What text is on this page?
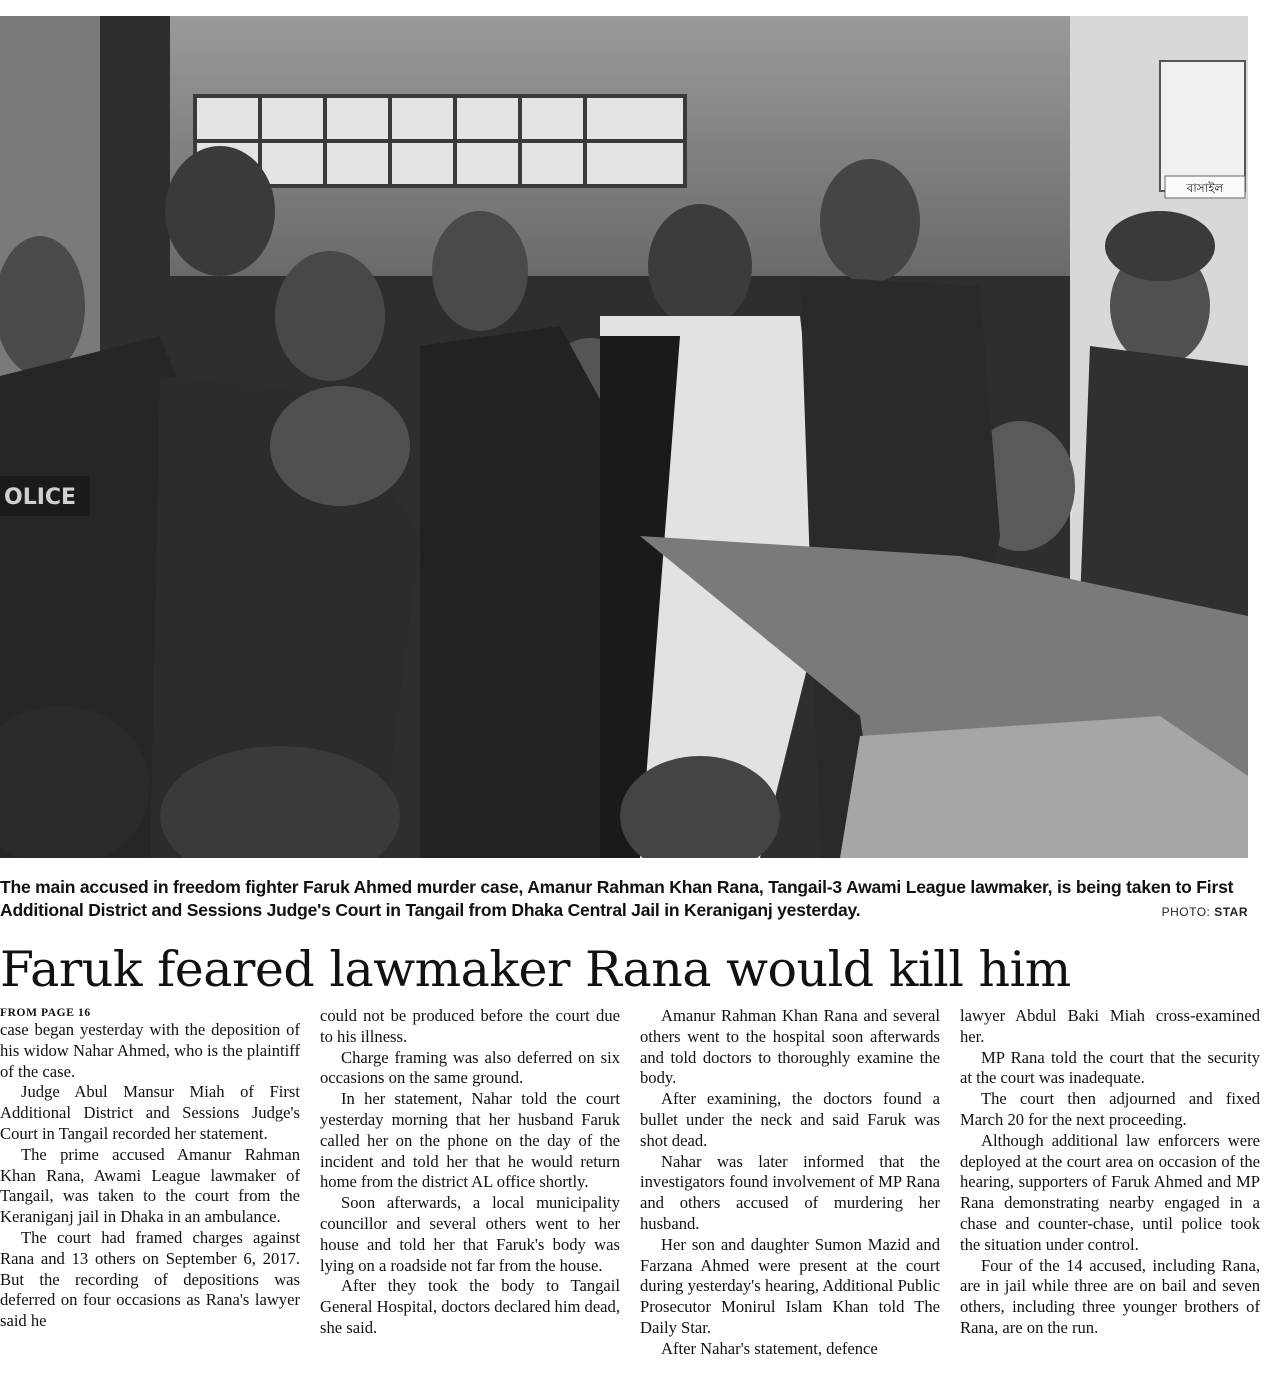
বাসাইল
OLICE
The main accused in freedom fighter Faruk Ahmed murder case, Amanur Rahman Khan Rana, Tangail-3 Awami League lawmaker, is being taken to First Additional District and Sessions Judge's Court in Tangail from Dhaka Central Jail in Keraniganj yesterday.	PHOTO: STAR
Faruk feared lawmaker Rana would kill him
FROM PAGE 16

case began yesterday with the deposition of his widow Nahar Ahmed, who is the plaintiff of the case.

Judge Abul Mansur Miah of First Additional District and Sessions Judge's Court in Tangail recorded her statement.

The prime accused Amanur Rahman Khan Rana, Awami League lawmaker of Tangail, was taken to the court from the Keraniganj jail in Dhaka in an ambulance.

The court had framed charges against Rana and 13 others on September 6, 2017. But the recording of depositions was deferred on four occasions as Rana's lawyer said he

could not be produced before the court due to his illness.

Charge framing was also deferred on six occasions on the same ground.

In her statement, Nahar told the court yesterday morning that her husband Faruk called her on the phone on the day of the incident and told her that he would return home from the district AL office shortly.

Soon afterwards, a local municipality councillor and several others went to her house and told her that Faruk's body was lying on a roadside not far from the house.

After they took the body to Tangail General Hospital, doctors declared him dead, she said.

Amanur Rahman Khan Rana and several others went to the hospital soon afterwards and told doctors to thoroughly examine the body.

After examining, the doctors found a bullet under the neck and said Faruk was shot dead.

Nahar was later informed that the investigators found involvement of MP Rana and others accused of murdering her husband.

Her son and daughter Sumon Mazid and Farzana Ahmed were present at the court during yesterday's hearing, Additional Public Prosecutor Monirul Islam Khan told The Daily Star.

After Nahar's statement, defence

lawyer Abdul Baki Miah cross-examined her.

MP Rana told the court that the security at the court was inadequate.

The court then adjourned and fixed March 20 for the next proceeding.

Although additional law enforcers were deployed at the court area on occasion of the hearing, supporters of Faruk Ahmed and MP Rana demonstrating nearby engaged in a chase and counter-chase, until police took the situation under control.

Four of the 14 accused, including Rana, are in jail while three are on bail and seven others, including three younger brothers of Rana, are on the run.
